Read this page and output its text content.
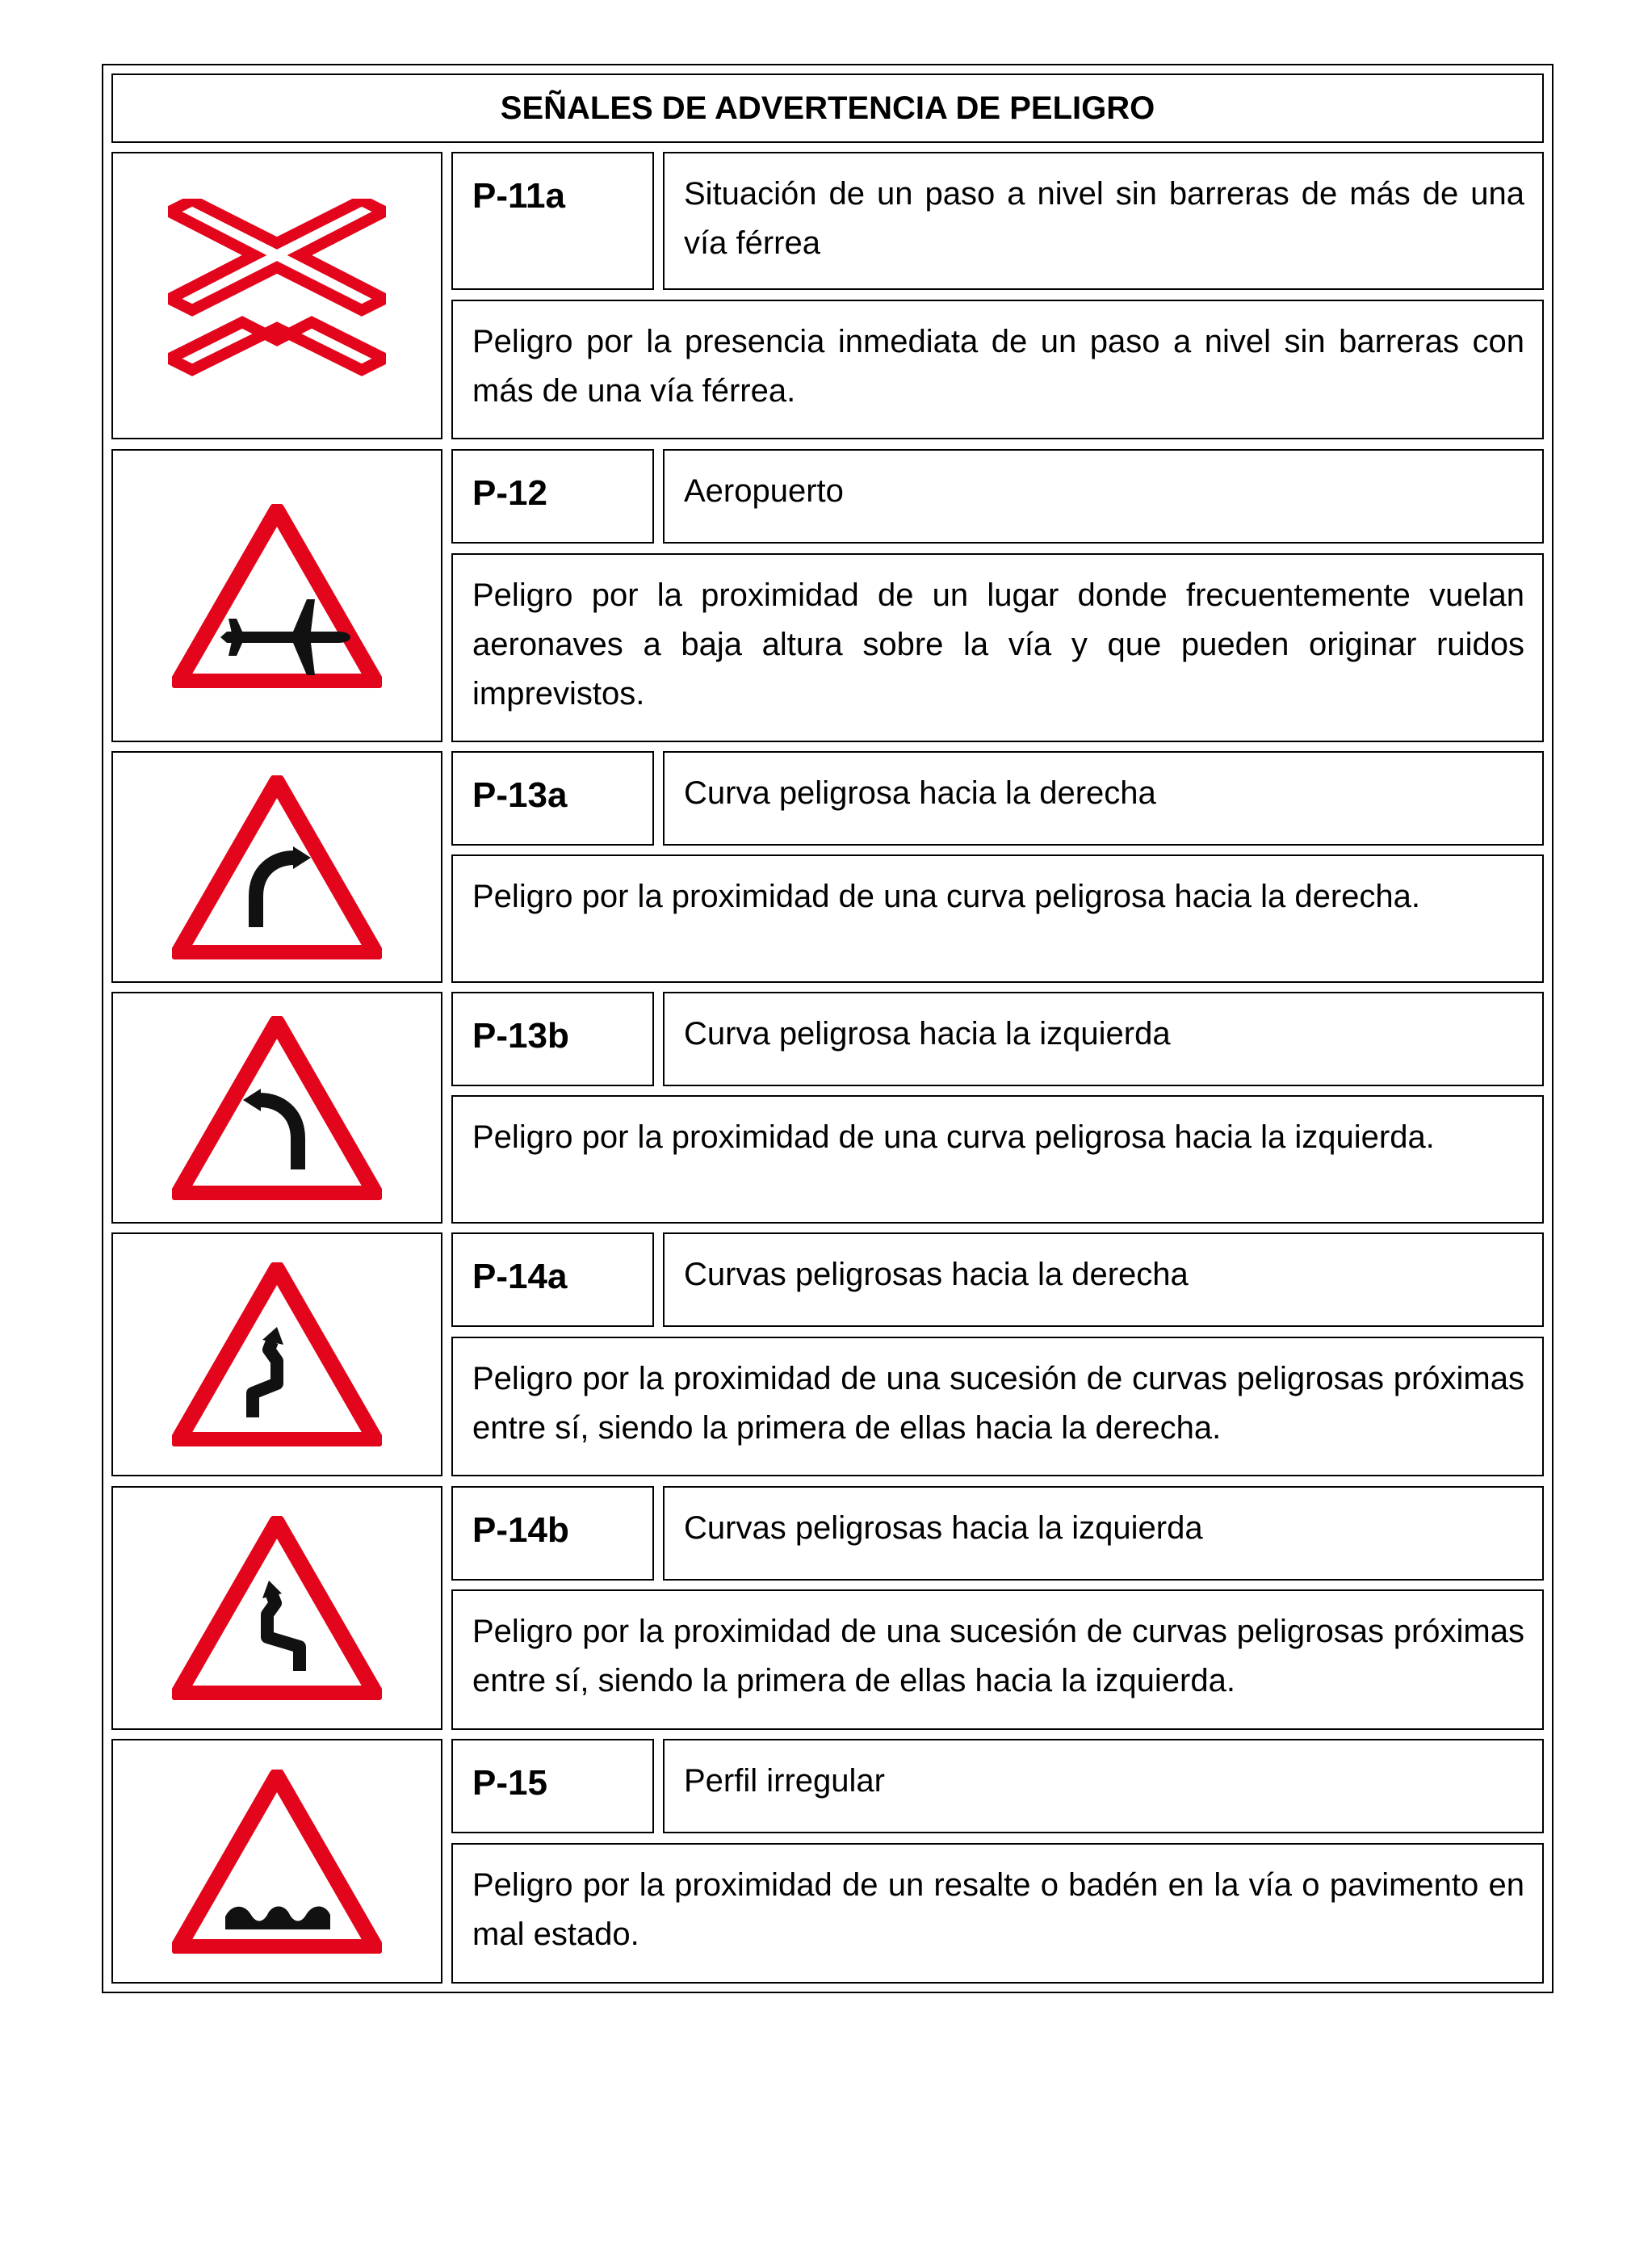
SEÑALES DE ADVERTENCIA DE PELIGRO
P-11a	Situación de un paso a nivel sin barreras de más de una vía férrea
Peligro por la presencia inmediata de un paso a nivel sin barreras con más de una vía férrea.
P-12	Aeropuerto
Peligro por la proximidad de un lugar donde frecuentemente vuelan aeronaves a baja altura sobre la vía y que pueden originar ruidos imprevistos.
P-13a	Curva peligrosa hacia la derecha
Peligro por la proximidad de una curva peligrosa hacia la derecha.
P-13b	Curva peligrosa hacia la izquierda
Peligro por la proximidad de una curva peligrosa hacia la izquierda.
P-14a	Curvas peligrosas hacia la derecha
Peligro por la proximidad de una sucesión de curvas peligrosas próximas entre sí, siendo la primera de ellas hacia la derecha.
P-14b	Curvas peligrosas hacia la izquierda
Peligro por la proximidad de una sucesión de curvas peligrosas próximas entre sí, siendo la primera de ellas hacia la izquierda.
P-15	Perfil irregular
Peligro por la proximidad de un resalte o badén en la vía o pavimento en mal estado.
